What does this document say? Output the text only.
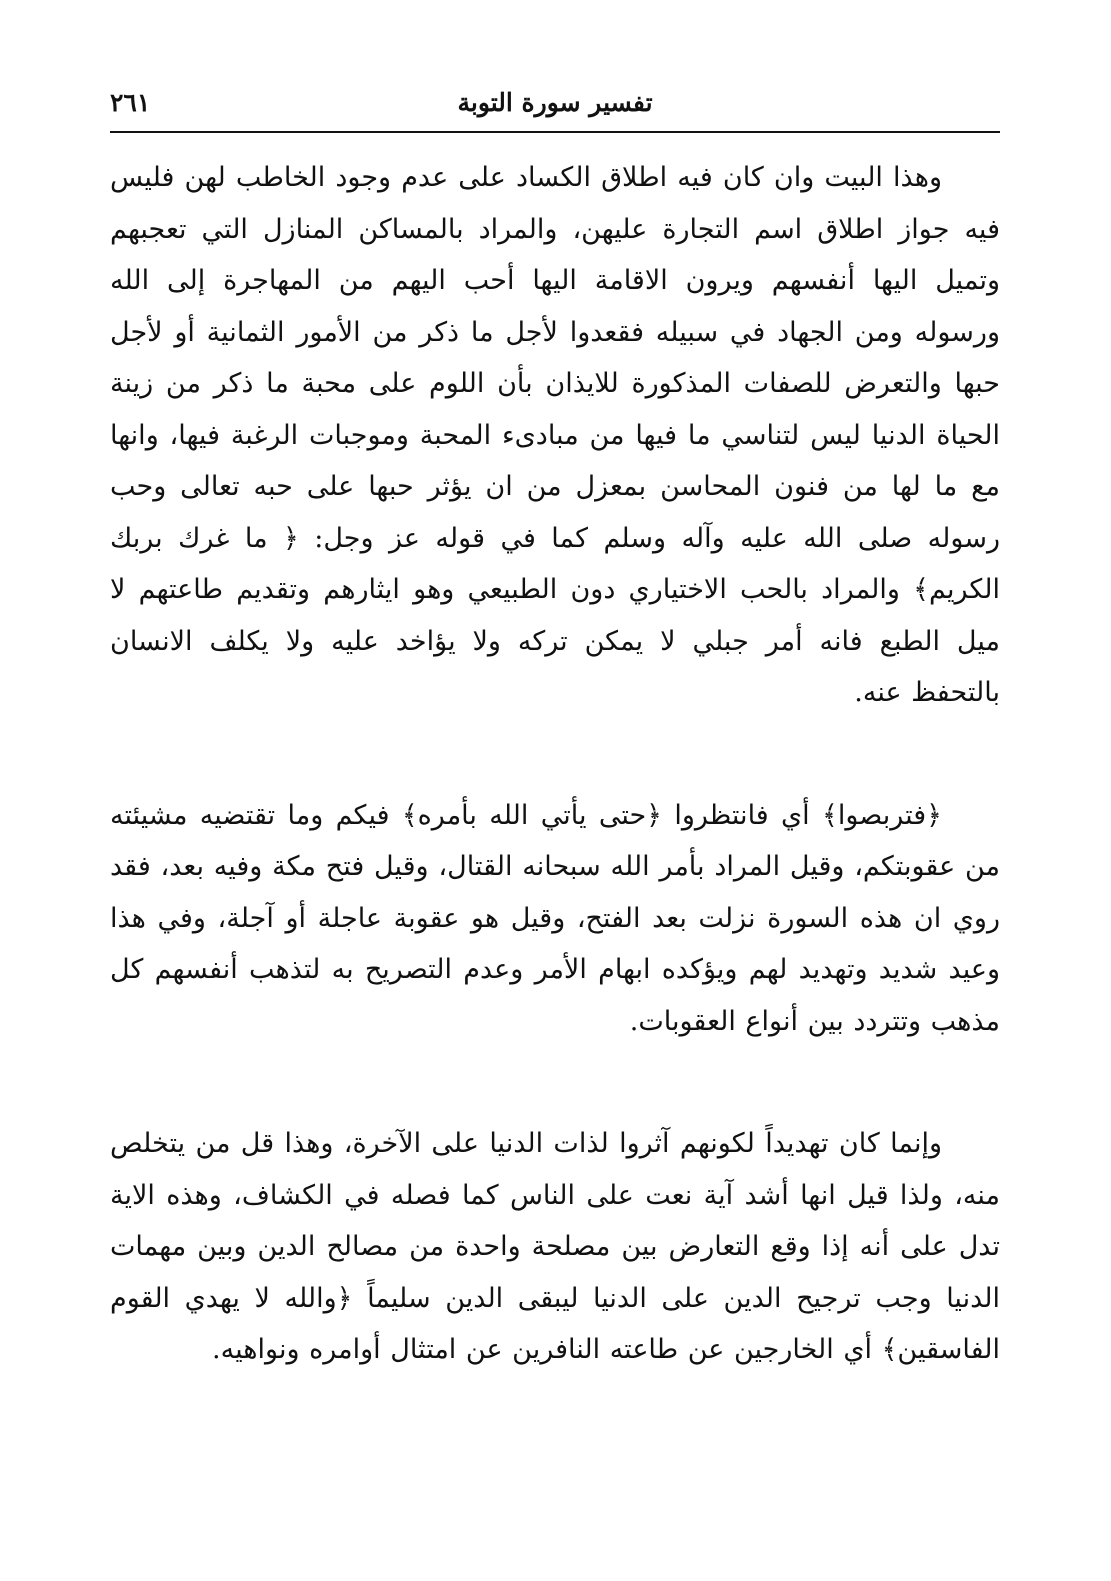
تفسير سورة التوبة
٢٦١

وهذا البيت وان كان فيه اطلاق الكساد على عدم وجود الخاطب لهن فليس فيه جواز اطلاق اسم التجارة عليهن، والمراد بالمساكن المنازل التي تعجبهم وتميل اليها أنفسهم ويرون الاقامة اليها أحب اليهم من المهاجرة إلى الله ورسوله ومن الجهاد في سبيله فقعدوا لأجل ما ذكر من الأمور الثمانية أو لأجل حبها والتعرض للصفات المذكورة للايذان بأن اللوم على محبة ما ذكر من زينة الحياة الدنيا ليس لتناسي ما فيها من مبادىء المحبة وموجبات الرغبة فيها، وانها مع ما لها من فنون المحاسن بمعزل من ان يؤثر حبها على حبه تعالى وحب رسوله صلى الله عليه وآله وسلم كما في قوله عز وجل: ﴿ ما غرك بربك الكريم﴾ والمراد بالحب الاختياري دون الطبيعي وهو ايثارهم وتقديم طاعتهم لا ميل الطبع فانه أمر جبلي لا يمكن تركه ولا يؤاخد عليه ولا يكلف الانسان بالتحفظ عنه.

﴿فتربصوا﴾ أي فانتظروا ﴿حتى يأتي الله بأمره﴾ فيكم وما تقتضيه مشيئته من عقوبتكم، وقيل المراد بأمر الله سبحانه القتال، وقيل فتح مكة وفيه بعد، فقد روي ان هذه السورة نزلت بعد الفتح، وقيل هو عقوبة عاجلة أو آجلة، وفي هذا وعيد شديد وتهديد لهم ويؤكده ابهام الأمر وعدم التصريح به لتذهب أنفسهم كل مذهب وتتردد بين أنواع العقوبات.

وإنما كان تهديداً لكونهم آثروا لذات الدنيا على الآخرة، وهذا قل من يتخلص منه، ولذا قيل انها أشد آية نعت على الناس كما فصله في الكشاف، وهذه الاية تدل على أنه إذا وقع التعارض بين مصلحة واحدة من مصالح الدين وبين مهمات الدنيا وجب ترجيح الدين على الدنيا ليبقى الدين سليماً ﴿والله لا يهدي القوم الفاسقين﴾ أي الخارجين عن طاعته النافرين عن امتثال أوامره ونواهيه.
